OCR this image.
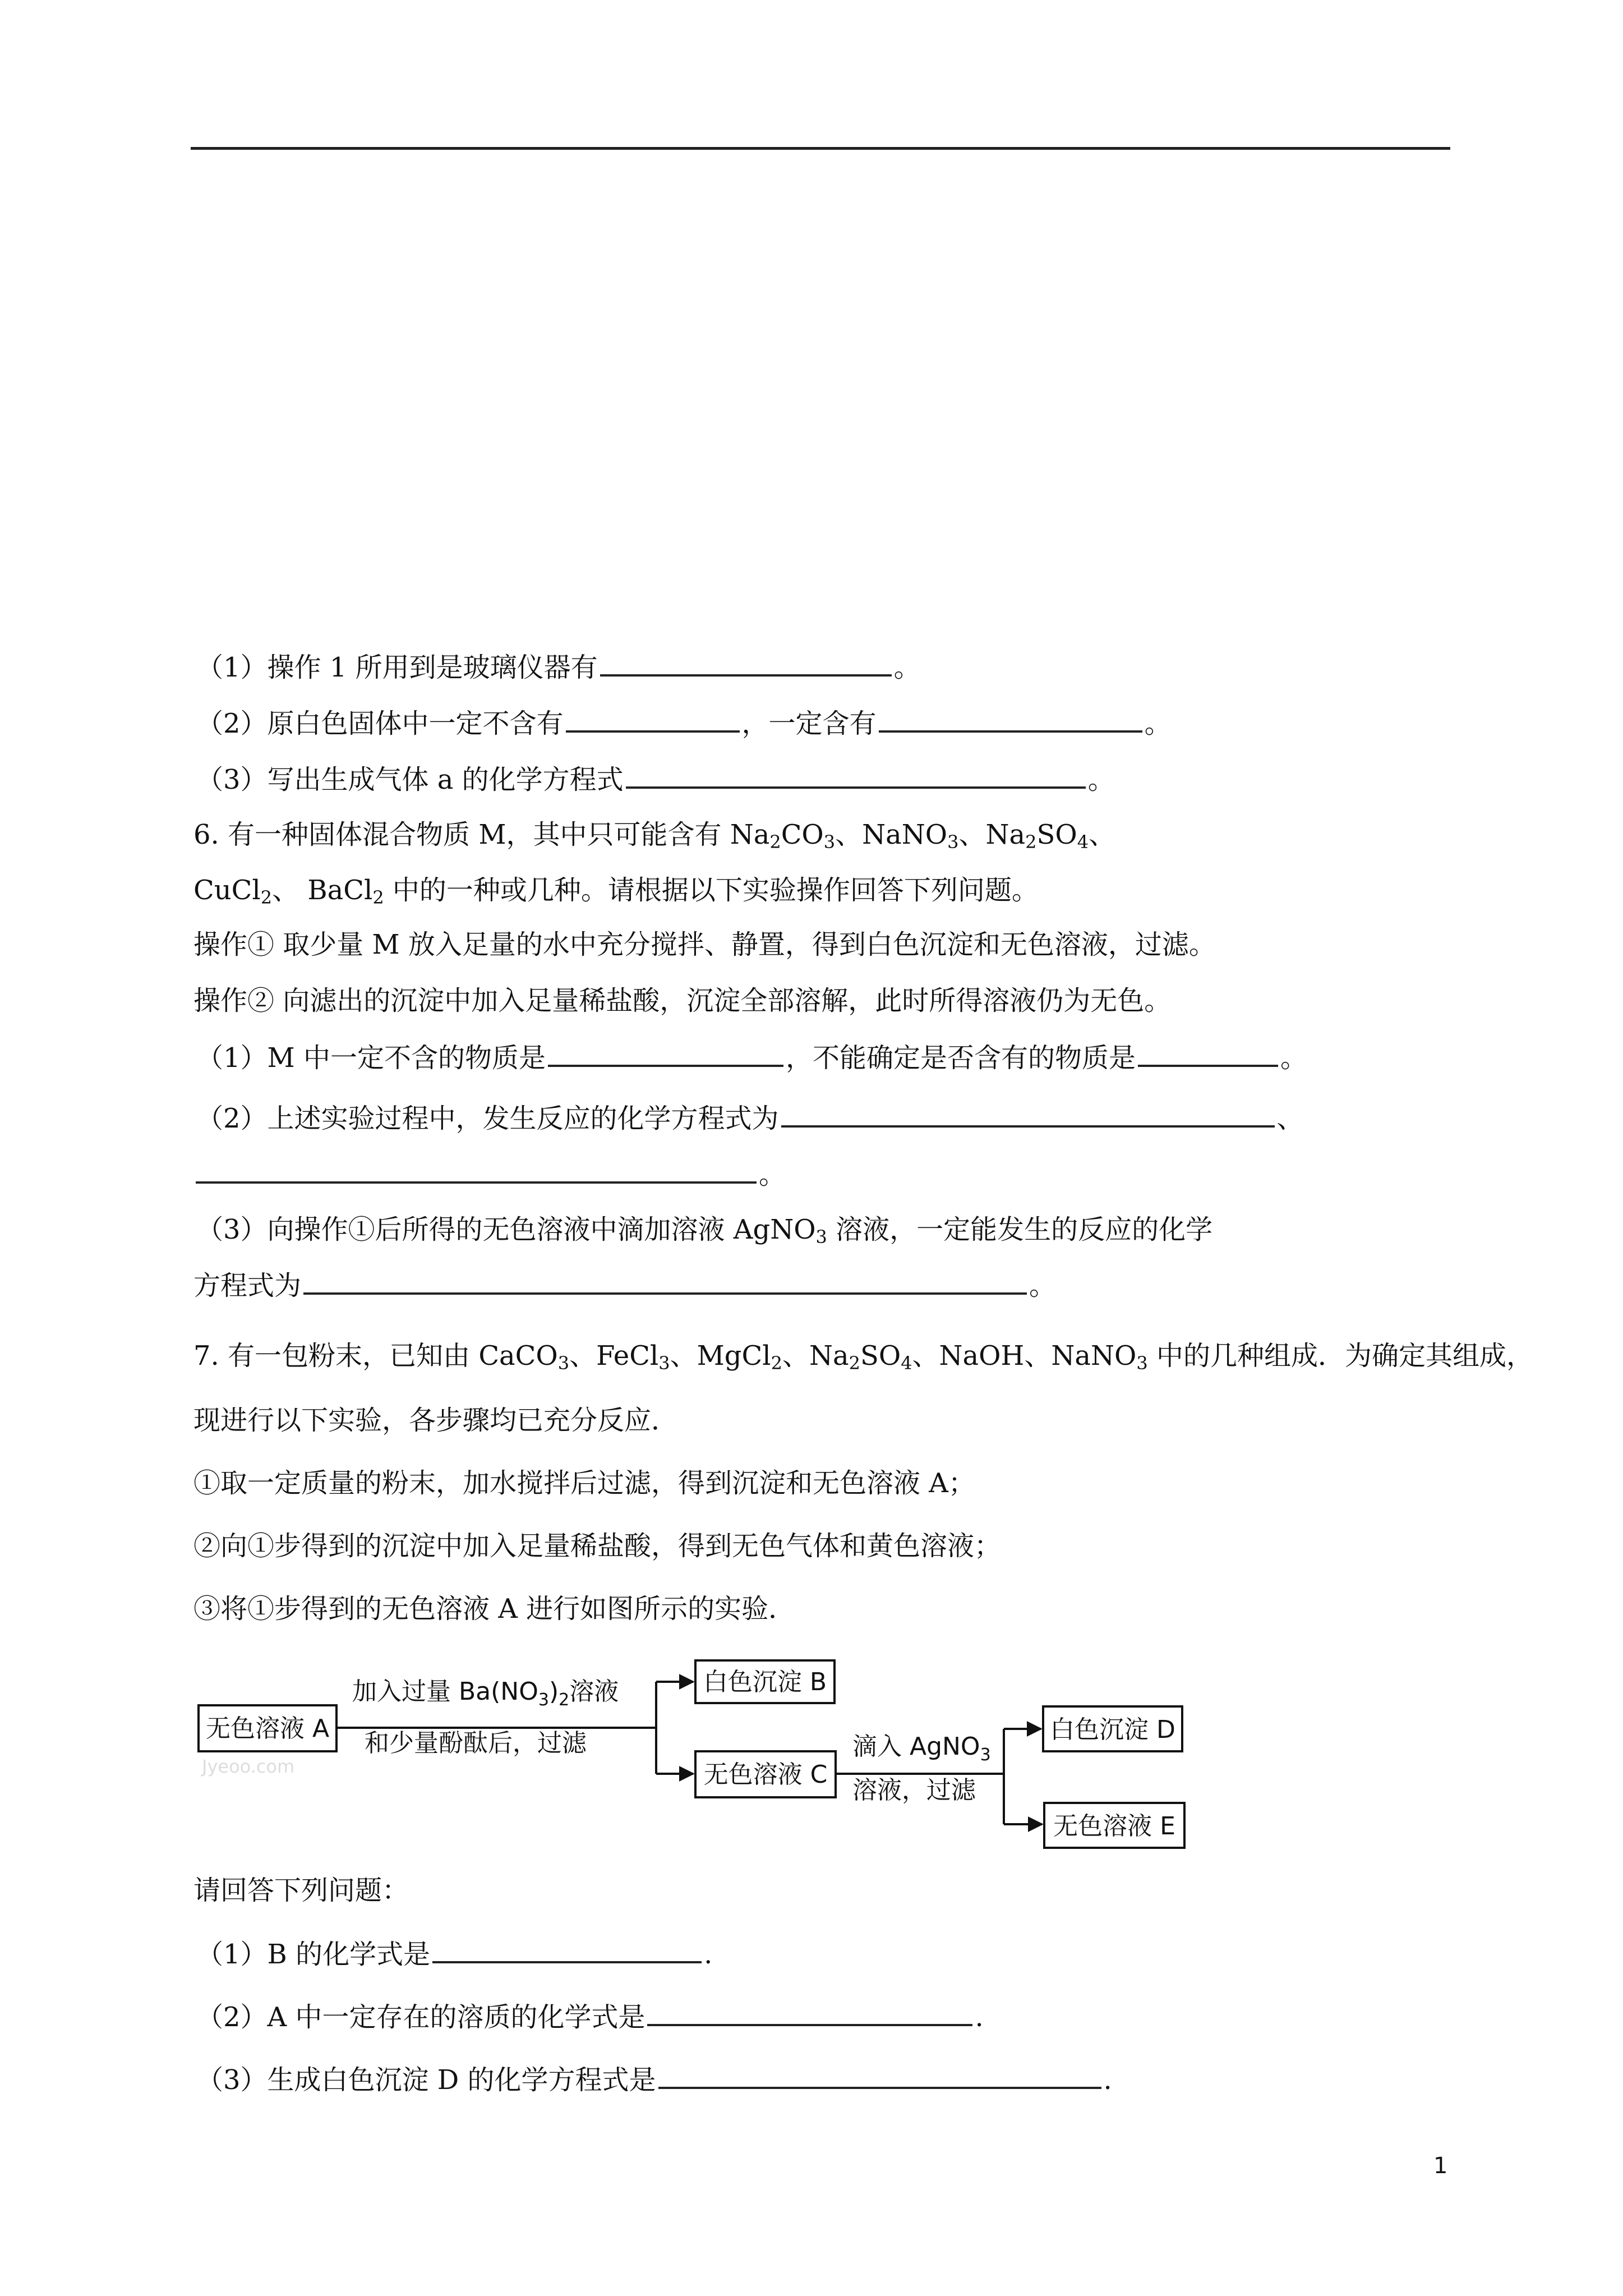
（1）操作 1 所用到是玻璃仪器有	。
（2）原白色固体中一定不含有	，一定含有	。
（3）写出生成气体 a 的化学方程式	。
6. 有一种固体混合物质 M，其中只可能含有 $Na_2CO_3$、NaNO$_3$、$Na_2SO_4$、
CuCl$_2$、 BaCl$_2$ 中的一种或几种。请根据以下实验操作回答下列问题。
操作① 取少量 M 放入足量的水中充分搅拌、静置，得到白色沉淀和无色溶液，过滤。
操作② 向滤出的沉淀中加入足量稀盐酸，沉淀全部溶解，此时所得溶液仍为无色。
（1）M 中一定不含的物质是	，不能确定是否含有的物质是	。
（2）上述实验过程中，发生反应的化学方程式为	、
。
（3）向操作①后所得的无色溶液中滴加溶液 AgNO$_3$ 溶液，一定能发生的反应的化学
方程式为	。
7. 有一包粉末，已知由 CaCO$_3$、FeCl$_3$、MgCl$_2$、$Na_2SO_4$、NaOH、NaNO$_3$ 中的几种组成．为确定其组成，
现进行以下实验，各步骤均已充分反应．
①取一定质量的粉末，加水搅拌后过滤，得到沉淀和无色溶液 A；
②向①步得到的沉淀中加入足量稀盐酸，得到无色气体和黄色溶液；
③将①步得到的无色溶液 A 进行如图所示的实验．
无色溶液 A
Jyeoo.com
加入过量 $Ba(NO_3)_2$溶液
和少量酚酞后，过滤
白色沉淀 B
无色溶液 C
滴入 AgNO$_3$
溶液，过滤
白色沉淀 D
无色溶液 E
请回答下列问题：
（1）B 的化学式是	.
（2）A 中一定存在的溶质的化学式是	.
（3）生成白色沉淀 D 的化学方程式是	.
1
